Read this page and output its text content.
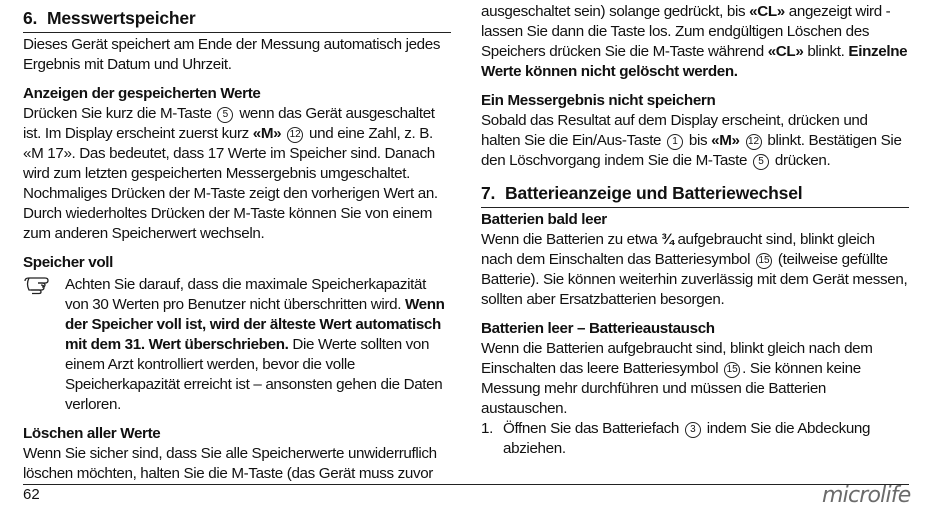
6. Messwertspeicher

Dieses Gerät speichert am Ende der Messung automatisch jedes Ergebnis mit Datum und Uhrzeit.

Anzeigen der gespeicherten Werte

Drücken Sie kurz die M-Taste 5 wenn das Gerät ausgeschaltet ist. Im Display erscheint zuerst kurz «M» 12 und eine Zahl, z. B. «M 17». Das bedeutet, dass 17 Werte im Speicher sind. Danach wird zum letzten gespeicherten Messergebnis umgeschaltet.

Nochmaliges Drücken der M-Taste zeigt den vorherigen Wert an. Durch wiederholtes Drücken der M-Taste können Sie von einem zum anderen Speicherwert wechseln.

Speicher voll
Achten Sie darauf, dass die maximale Speicherkapazität von 30 Werten pro Benutzer nicht überschritten wird. Wenn der Speicher voll ist, wird der älteste Wert automatisch mit dem 31. Wert überschrieben. Die Werte sollten von einem Arzt kontrolliert werden, bevor die volle Speicherkapazität erreicht ist – ansonsten gehen die Daten verloren.
Löschen aller Werte

Wenn Sie sicher sind, dass Sie alle Speicherwerte unwiderruflich löschen möchten, halten Sie die M-Taste (das Gerät muss zuvor

ausgeschaltet sein) solange gedrückt, bis «CL» angezeigt wird - lassen Sie dann die Taste los. Zum endgültigen Löschen des Speichers drücken Sie die M-Taste während «CL» blinkt. Einzelne Werte können nicht gelöscht werden.

Ein Messergebnis nicht speichern

Sobald das Resultat auf dem Display erscheint, drücken und halten Sie die Ein/Aus-Taste 1 bis «M» 12 blinkt. Bestätigen Sie den Löschvorgang indem Sie die M-Taste 5 drücken.

7. Batterieanzeige und Batteriewechsel
Batterien bald leer

Wenn die Batterien zu etwa ¾ aufgebraucht sind, blinkt gleich nach dem Einschalten das Batteriesymbol 15 (teilweise gefüllte Batterie). Sie können weiterhin zuverlässig mit dem Gerät messen, sollten aber Ersatzbatterien besorgen.

Batterien leer – Batterieaustausch

Wenn die Batterien aufgebraucht sind, blinkt gleich nach dem Einschalten das leere Batteriesymbol 15 . Sie können keine Messung mehr durchführen und müssen die Batterien austauschen.

1. Öffnen Sie das Batteriefach 3 indem Sie die Abdeckung abziehen.
62	microlife
